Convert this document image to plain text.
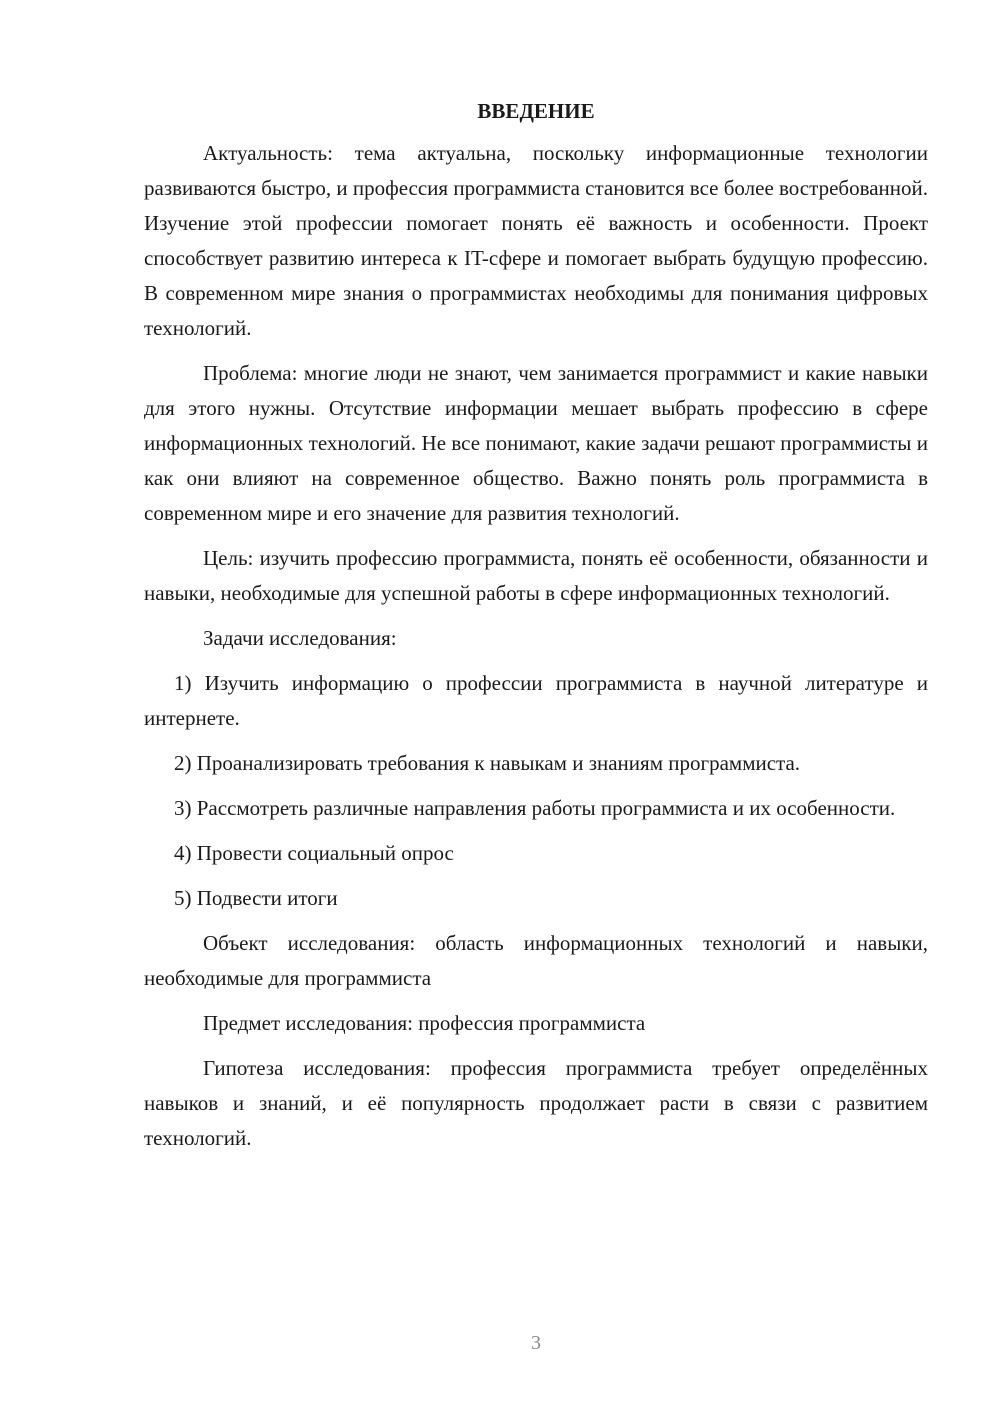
ВВЕДЕНИЕ

Актуальность: тема актуальна, поскольку информационные технологии развиваются быстро, и профессия программиста становится все более востребованной. Изучение этой профессии помогает понять её важность и особенности. Проект способствует развитию интереса к IT-сфере и помогает выбрать будущую профессию. В современном мире знания о программистах необходимы для понимания цифровых технологий.

Проблема: многие люди не знают, чем занимается программист и какие навыки для этого нужны. Отсутствие информации мешает выбрать профессию в сфере информационных технологий. Не все понимают, какие задачи решают программисты и как они влияют на современное общество. Важно понять роль программиста в современном мире и его значение для развития технологий.

Цель: изучить профессию программиста, понять её особенности, обязанности и навыки, необходимые для успешной работы в сфере информационных технологий.

Задачи исследования:

1) Изучить информацию о профессии программиста в научной литературе и интернете.

2) Проанализировать требования к навыкам и знаниям программиста.

3) Рассмотреть различные направления работы программиста и их особенности.

4) Провести социальный опрос

5) Подвести итоги

Объект исследования: область информационных технологий и навыки, необходимые для программиста

Предмет исследования: профессия программиста

Гипотеза исследования: профессия программиста требует определённых навыков и знаний, и её популярность продолжает расти в связи с развитием технологий.

3
